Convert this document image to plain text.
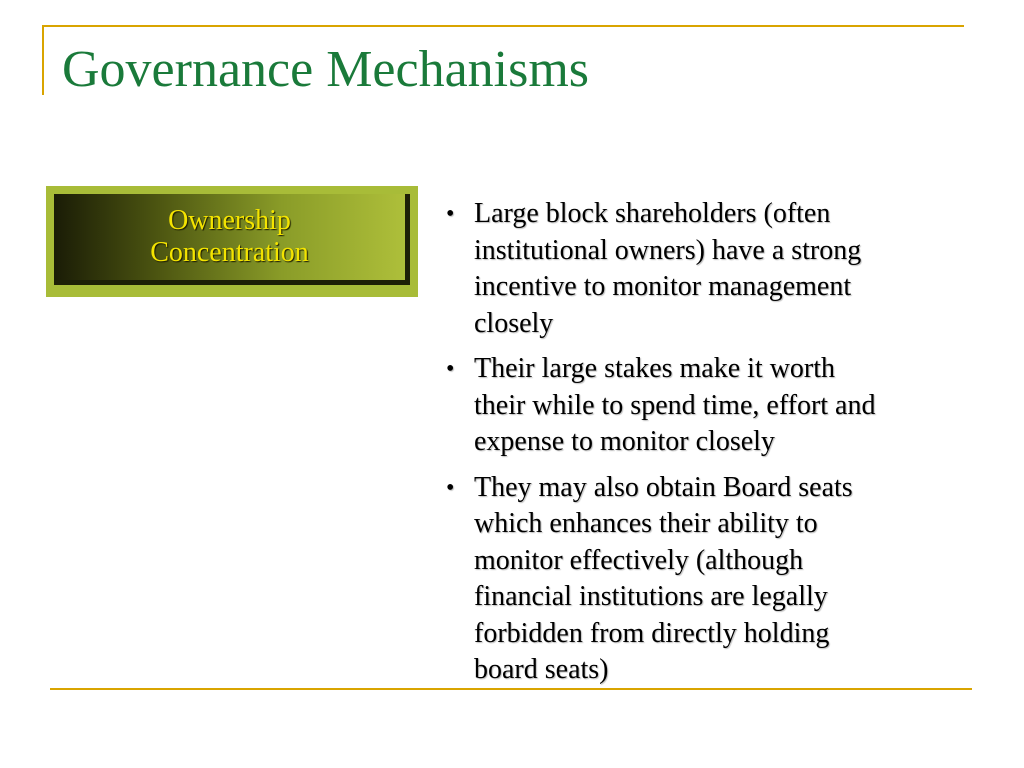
Governance Mechanisms
Ownership
Concentration
• Large block shareholders (often
institutional owners) have a strong
incentive to monitor management
closely
• Their large stakes make it worth
their while to spend time, effort and
expense to monitor closely
• They may also obtain Board seats
which enhances their ability to
monitor effectively (although
financial institutions are legally
forbidden from directly holding
board seats)
